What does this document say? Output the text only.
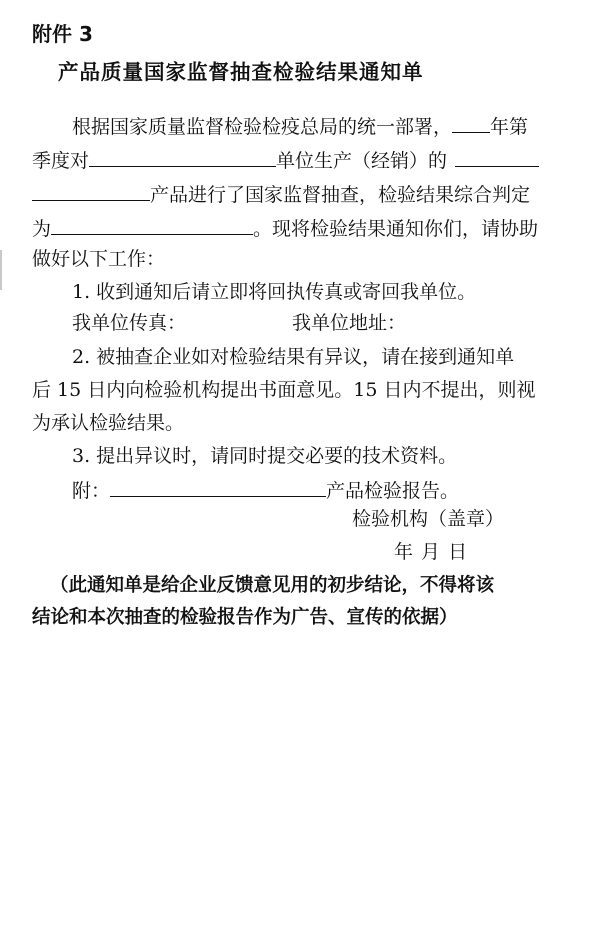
附件 3
产品质量国家监督抽查检验结果通知单
根据国家质量监督检验检疫总局的统一部署， 年第
季度对	单位生产（经销）的
产品进行了国家监督抽查，检验结果综合判定
为	。现将检验结果通知你们，请协助
做好以下工作：
1. 收到通知后请立即将回执传真或寄回我单位。
我单位传真：	我单位地址：
2. 被抽查企业如对检验结果有异议，请在接到通知单
后 15 日内向检验机构提出书面意见。15 日内不提出，则视
为承认检验结果。
3. 提出异议时，请同时提交必要的技术资料。
附：	产品检验报告。
检验机构（盖章）
年 月 日
（此通知单是给企业反馈意见用的初步结论，不得将该
结论和本次抽查的检验报告作为广告、宣传的依据）
